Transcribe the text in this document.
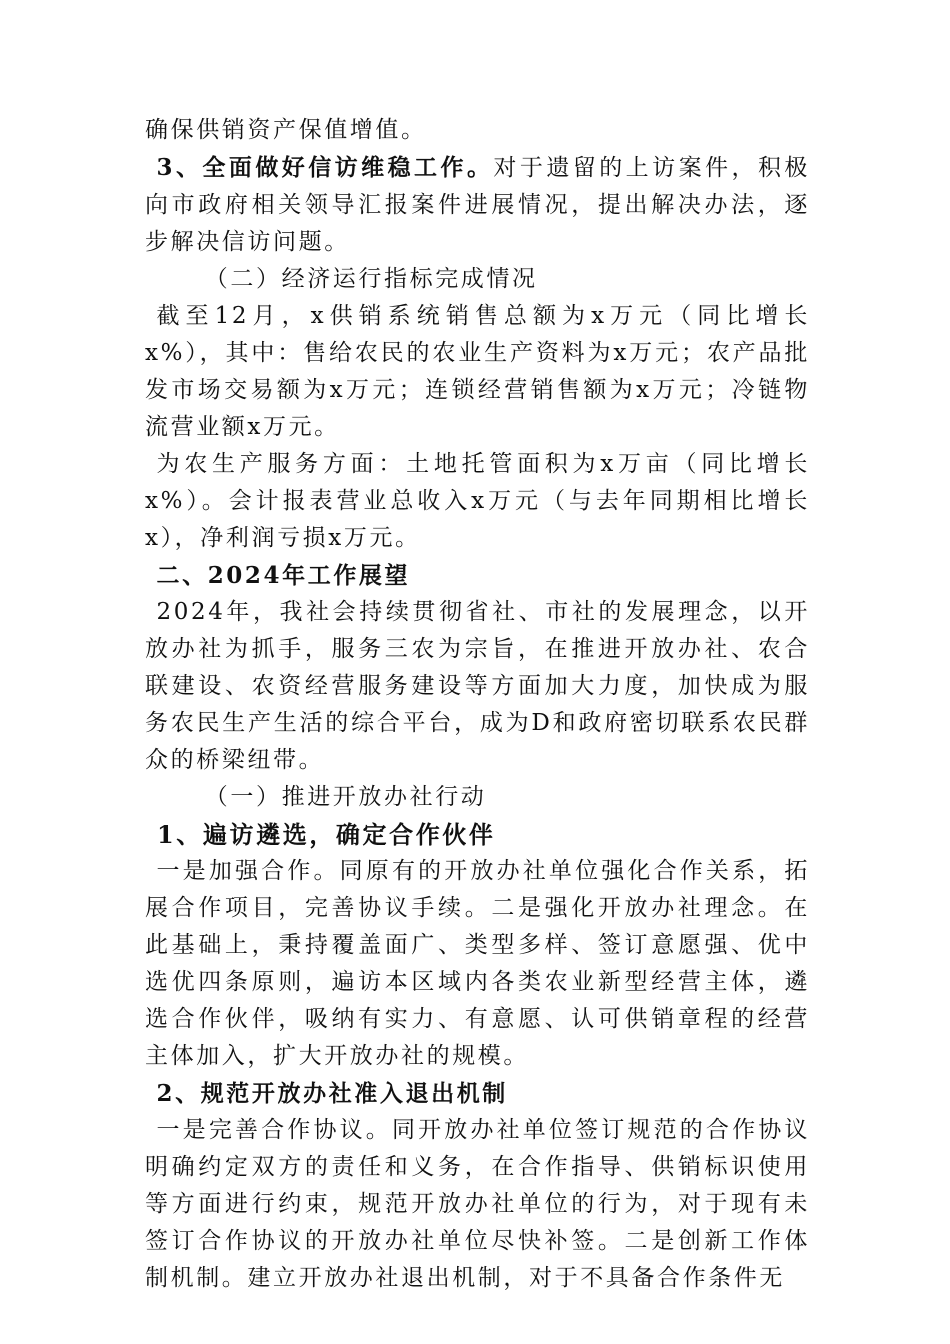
确保供销资产保值增值。

3、全面做好信访维稳工作。对于遗留的上访案件，积极向市政府相关领导汇报案件进展情况，提出解决办法，逐步解决信访问题。

（二）经济运行指标完成情况

截至12月，x供销系统销售总额为x万元（同比增长x%），其中：售给农民的农业生产资料为x万元；农产品批发市场交易额为x万元；连锁经营销售额为x万元；冷链物流营业额x万元。

为农生产服务方面：土地托管面积为x万亩（同比增长x%）。会计报表营业总收入x万元（与去年同期相比增长x），净利润亏损x万元。

二、2024年工作展望

2024年，我社会持续贯彻省社、市社的发展理念，以开放办社为抓手，服务三农为宗旨，在推进开放办社、农合联建设、农资经营服务建设等方面加大力度，加快成为服务农民生产生活的综合平台，成为D和政府密切联系农民群众的桥梁纽带。

（一）推进开放办社行动

1、遍访遴选，确定合作伙伴

一是加强合作。同原有的开放办社单位强化合作关系，拓展合作项目，完善协议手续。二是强化开放办社理念。在此基础上，秉持覆盖面广、类型多样、签订意愿强、优中选优四条原则，遍访本区域内各类农业新型经营主体，遴选合作伙伴，吸纳有实力、有意愿、认可供销章程的经营主体加入，扩大开放办社的规模。

2、规范开放办社准入退出机制

一是完善合作协议。同开放办社单位签订规范的合作协议明确约定双方的责任和义务，在合作指导、供销标识使用等方面进行约束，规范开放办社单位的行为，对于现有未签订合作协议的开放办社单位尽快补签。二是创新工作体制机制。建立开放办社退出机制，对于不具备合作条件无
